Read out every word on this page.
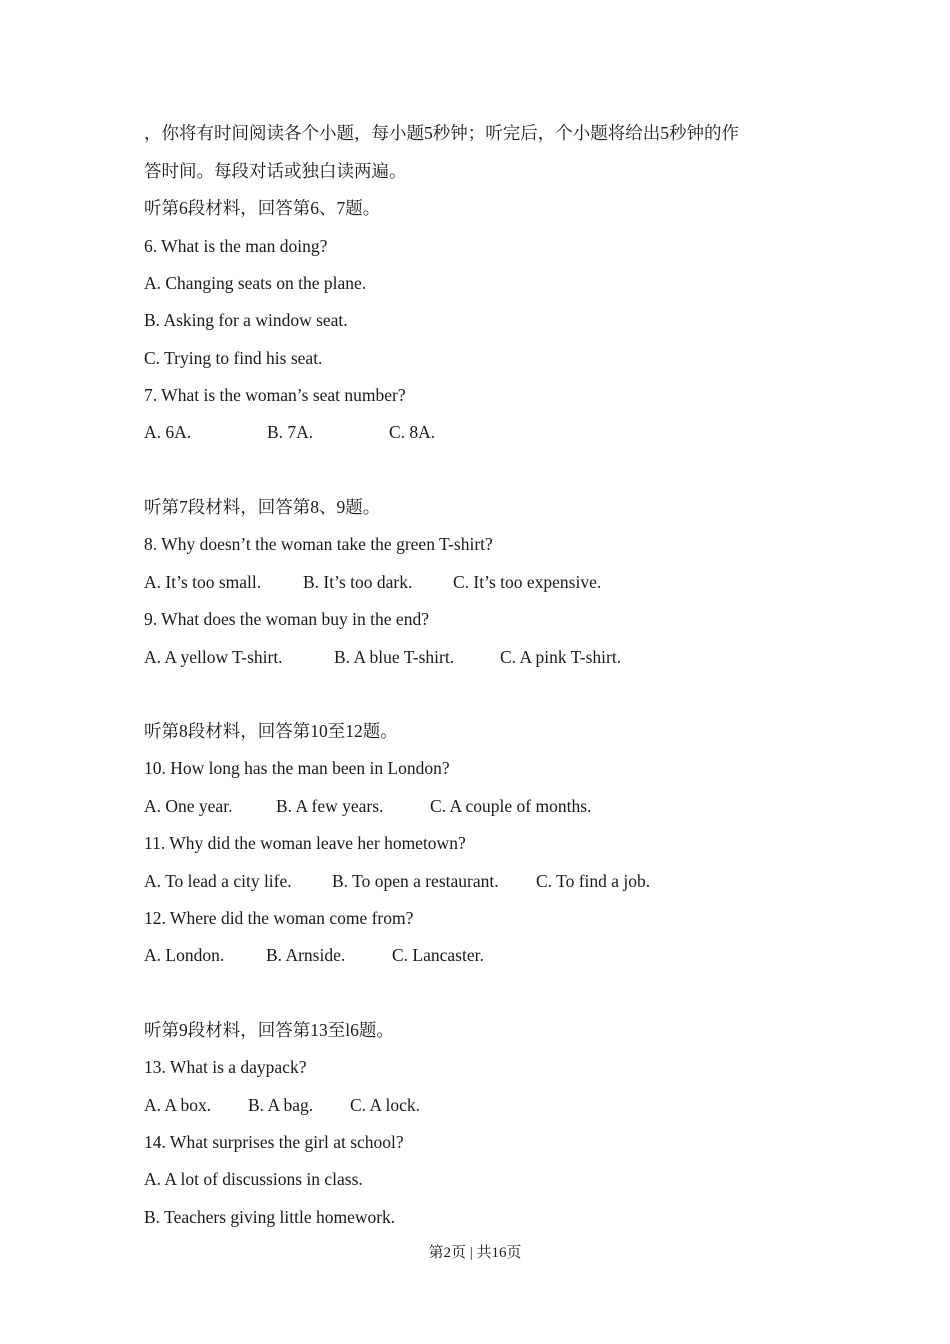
，你将有时间阅读各个小题，每小题5秒钟；听完后，个小题将给出5秒钟的作
答时间。每段对话或独白读两遍。
听第6段材料，回答第6、7题。
6. What is the man doing?
A. Changing seats on the plane.
B. Asking for a window seat.
C. Trying to find his seat.
7. What is the woman’s seat number?
A. 6A.	B. 7A.	C. 8A.
听第7段材料，回答第8、9题。
8. Why doesn’t the woman take the green T-shirt?
A. It’s too small. B. It’s too dark. C. It’s too expensive.
9. What does the woman buy in the end?
A. A yellow T-shirt.	B. A blue T-shirt.	C. A pink T-shirt.
听第8段材料，回答第10至12题。
10. How long has the man been in London?
A. One year. B. A few years.	C. A couple of months.
11. Why did the woman leave her hometown?
A. To lead a city life. B. To open a restaurant. C. To find a job.
12. Where did the woman come from?
A. London. B. Arnside.	C. Lancaster.
听第9段材料，回答第13至l6题。
13. What is a daypack?
A. A box. B. A bag. C. A lock.
14. What surprises the girl at school?
A. A lot of discussions in class.
B. Teachers giving little homework.
第2页 | 共16页
